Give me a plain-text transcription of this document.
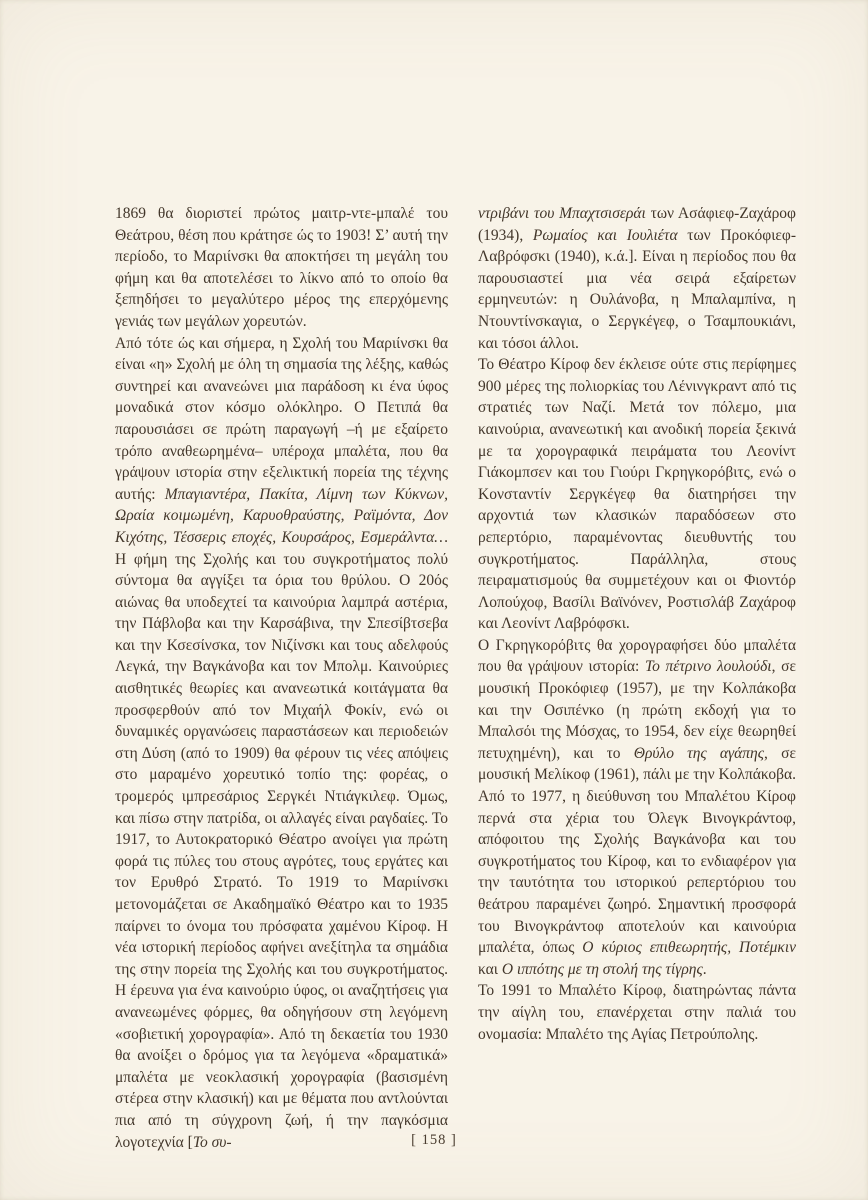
1869 θα διοριστεί πρώτος μαιτρ-ντε-μπαλέ του Θεάτρου, θέση που κράτησε ώς το 1903! Σ’ αυτή την περίοδο, το Μαριίνσκι θα αποκτήσει τη μεγάλη του φήμη και θα αποτελέσει το λίκνο από το οποίο θα ξεπηδήσει το μεγαλύτερο μέρος της επερχόμενης γενιάς των μεγάλων χορευτών.

Από τότε ώς και σήμερα, η Σχολή του Μαριίνσκι θα είναι «η» Σχολή με όλη τη σημασία της λέξης, καθώς συντηρεί και ανανεώνει μια παράδοση κι ένα ύφος μοναδικά στον κόσμο ολόκληρο. Ο Πετιπά θα παρουσιάσει σε πρώτη παραγωγή –ή με εξαίρετο τρόπο αναθεωρημένα– υπέροχα μπαλέτα, που θα γράψουν ιστορία στην εξελικτική πορεία της τέχνης αυτής: Μπαγιαντέρα, Πακίτα, Λίμνη των Κύκνων, Ωραία κοιμωμένη, Καρυοθραύστης, Ραϊμόντα, Δον Κιχότης, Τέσσερις εποχές, Κουρσάρος, Εσμεράλντα… Η φήμη της Σχολής και του συγκροτήματος πολύ σύντομα θα αγγίξει τα όρια του θρύλου. Ο 20ός αιώνας θα υποδεχτεί τα καινούρια λαμπρά αστέρια, την Πάβλοβα και την Καρσάβινα, την Σπεσίβτσεβα και την Κσεσίνσκα, τον Νιζίνσκι και τους αδελφούς Λεγκά, την Βαγκάνοβα και τον Μπολμ. Καινούριες αισθητικές θεωρίες και ανανεωτικά κοιτάγματα θα προσφερθούν από τον Μιχαήλ Φοκίν, ενώ οι δυναμικές οργανώσεις παραστάσεων και περιοδειών στη Δύση (από το 1909) θα φέρουν τις νέες απόψεις στο μαραμένο χορευτικό τοπίο της: φορέας, ο τρομερός ιμπρεσάριος Σεργκέι Ντιάγκιλεφ. Όμως, και πίσω στην πατρίδα, οι αλλαγές είναι ραγδαίες. Το 1917, το Αυτοκρατορικό Θέατρο ανοίγει για πρώτη φορά τις πύλες του στους αγρότες, τους εργάτες και τον Ερυθρό Στρατό. Το 1919 το Μαριίνσκι μετονομάζεται σε Ακαδημαϊκό Θέατρο και το 1935 παίρνει το όνομα του πρόσφατα χαμένου Κίροφ. Η νέα ιστορική περίοδος αφήνει ανεξίτηλα τα σημάδια της στην πορεία της Σχολής και του συγκροτήματος. Η έρευνα για ένα καινούριο ύφος, οι αναζητήσεις για ανανεωμένες φόρμες, θα οδηγήσουν στη λεγόμενη «σοβιετική χορογραφία». Από τη δεκαετία του 1930 θα ανοίξει ο δρόμος για τα λεγόμενα «δραματικά» μπαλέτα με νεοκλασική χορογραφία (βασισμένη στέρεα στην κλασική) και με θέματα που αντλούνται πια από τη σύγχρονη ζωή, ή την παγκόσμια λογοτεχνία [Το συ-

ντριβάνι του Μπαχτσισεράι των Ασάφιεφ-Ζαχάροφ (1934), Ρωμαίος και Ιουλιέτα των Προκόφιεφ-Λαβρόφσκι (1940), κ.ά.]. Είναι η περίοδος που θα παρουσιαστεί μια νέα σειρά εξαίρετων ερμηνευτών: η Ουλάνοβα, η Μπαλαμπίνα, η Ντουντίνσκαγια, ο Σεργκέγεφ, ο Τσαμπουκιάνι, και τόσοι άλλοι.

Το Θέατρο Κίροφ δεν έκλεισε ούτε στις περίφημες 900 μέρες της πολιορκίας του Λένινγκραντ από τις στρατιές των Ναζί. Μετά τον πόλεμο, μια καινούρια, ανανεωτική και ανοδική πορεία ξεκινά με τα χορογραφικά πειράματα του Λεονίντ Γιάκομπσεν και του Γιούρι Γκρηγκορόβιτς, ενώ ο Κονσταντίν Σεργκέγεφ θα διατηρήσει την αρχοντιά των κλασικών παραδόσεων στο ρεπερτόριο, παραμένοντας διευθυντής του συγκροτήματος. Παράλληλα, στους πειραματισμούς θα συμμετέχουν και οι Φιοντόρ Λοπούχοφ, Βασίλι Βαϊνόνεν, Ροστισλάβ Ζαχάροφ και Λεονίντ Λαβρόφσκι.

Ο Γκρηγκορόβιτς θα χορογραφήσει δύο μπαλέτα που θα γράψουν ιστορία: Το πέτρινο λουλούδι, σε μουσική Προκόφιεφ (1957), με την Κολπάκοβα και την Οσιπένκο (η πρώτη εκδοχή για το Μπαλσόι της Μόσχας, το 1954, δεν είχε θεωρηθεί πετυχημένη), και το Θρύλο της αγάπης, σε μουσική Μελίκοφ (1961), πάλι με την Κολπάκοβα. Από το 1977, η διεύθυνση του Μπαλέτου Κίροφ περνά στα χέρια του Όλεγκ Βινογκράντοφ, απόφοιτου της Σχολής Βαγκάνοβα και του συγκροτήματος του Κίροφ, και το ενδιαφέρον για την ταυτότητα του ιστορικού ρεπερτόριου του θεάτρου παραμένει ζωηρό. Σημαντική προσφορά του Βινογκράντοφ αποτελούν και καινούρια μπαλέτα, όπως Ο κύριος επιθεωρητής, Ποτέμκιν και Ο ιππότης με τη στολή της τίγρης.

Το 1991 το Μπαλέτο Κίροφ, διατηρώντας πάντα την αίγλη του, επανέρχεται στην παλιά του ονομασία: Μπαλέτο της Αγίας Πετρούπολης.

[ 158 ]
